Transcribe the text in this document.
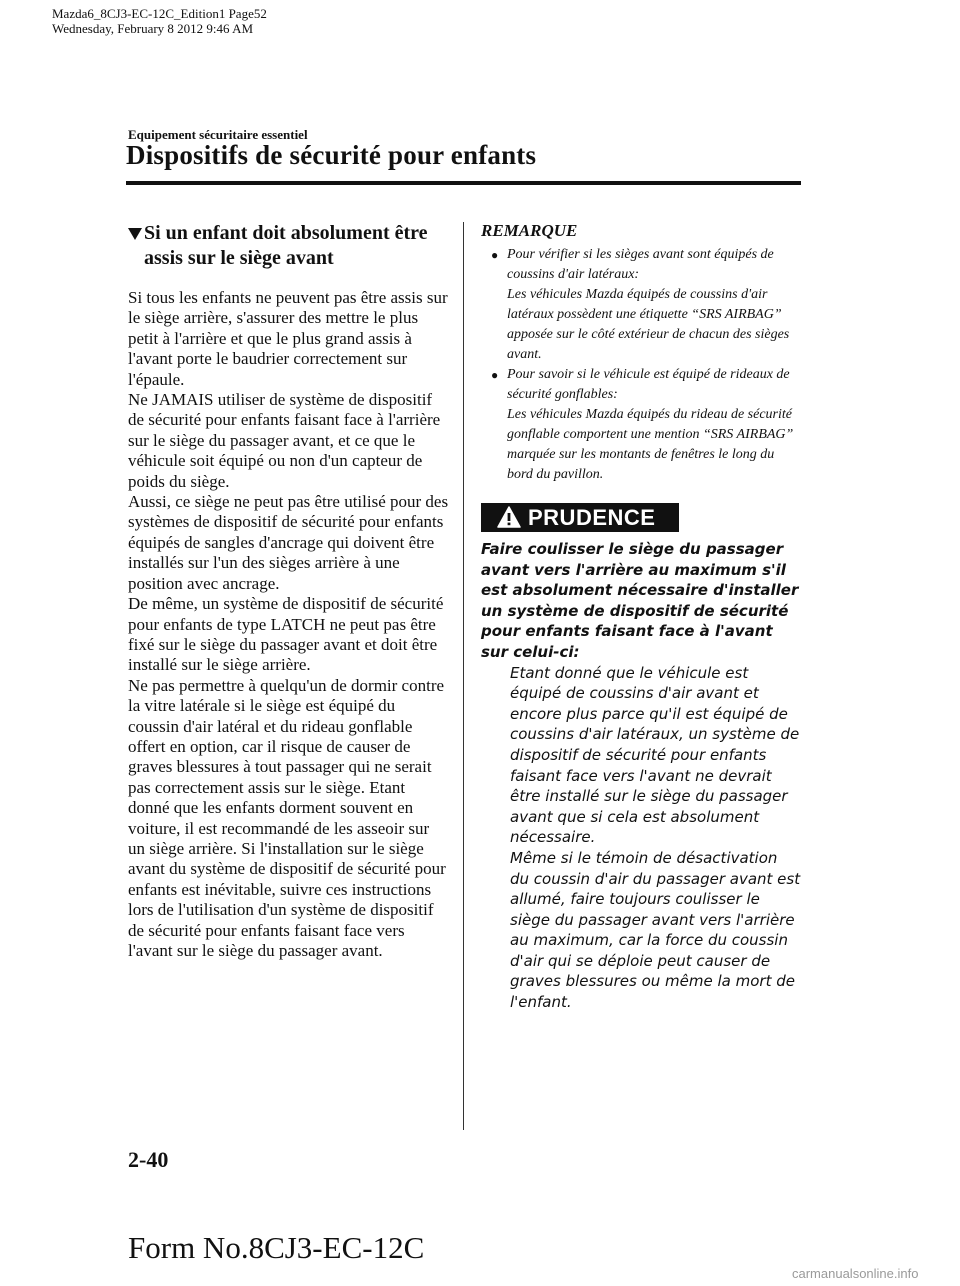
Mazda6_8CJ3-EC-12C_Edition1 Page52
Wednesday, February 8 2012 9:46 AM
Equipement sécuritaire essentiel
Dispositifs de sécurité pour enfants
Si un enfant doit absolument être assis sur le siège avant

Si tous les enfants ne peuvent pas être assis sur le siège arrière, s'assurer des mettre le plus petit à l'arrière et que le plus grand assis à l'avant porte le baudrier correctement sur l'épaule.
Ne JAMAIS utiliser de système de dispositif de sécurité pour enfants faisant face à l'arrière sur le siège du passager avant, et ce que le véhicule soit équipé ou non d'un capteur de poids du siège.
Aussi, ce siège ne peut pas être utilisé pour des systèmes de dispositif de sécurité pour enfants équipés de sangles d'ancrage qui doivent être installés sur l'un des sièges arrière à une position avec ancrage.
De même, un système de dispositif de sécurité pour enfants de type LATCH ne peut pas être fixé sur le siège du passager avant et doit être installé sur le siège arrière.
Ne pas permettre à quelqu'un de dormir contre la vitre latérale si le siège est équipé du coussin d'air latéral et du rideau gonflable offert en option, car il risque de causer de graves blessures à tout passager qui ne serait pas correctement assis sur le siège. Etant donné que les enfants dorment souvent en voiture, il est recommandé de les asseoir sur un siège arrière. Si l'installation sur le siège avant du système de dispositif de sécurité pour enfants est inévitable, suivre ces instructions lors de l'utilisation d'un système de dispositif de sécurité pour enfants faisant face vers l'avant sur le siège du passager avant.

REMARQUE
● Pour vérifier si les sièges avant sont équipés de coussins d'air latéraux:
Les véhicules Mazda équipés de coussins d'air latéraux possèdent une étiquette “SRS AIRBAG” apposée sur le côté extérieur de chacun des sièges avant.
● Pour savoir si le véhicule est équipé de rideaux de sécurité gonflables:
Les véhicules Mazda équipés du rideau de sécurité gonflable comportent une mention “SRS AIRBAG” marquée sur les montants de fenêtres le long du bord du pavillon.
PRUDENCE

Faire coulisser le siège du passager avant vers l'arrière au maximum s'il est absolument nécessaire d'installer un système de dispositif de sécurité pour enfants faisant face à l'avant sur celui-ci:

Etant donné que le véhicule est équipé de coussins d'air avant et encore plus parce qu'il est équipé de coussins d'air latéraux, un système de dispositif de sécurité pour enfants faisant face vers l'avant ne devrait être installé sur le siège du passager avant que si cela est absolument nécessaire.
Même si le témoin de désactivation du coussin d'air du passager avant est allumé, faire toujours coulisser le siège du passager avant vers l'arrière au maximum, car la force du coussin d'air qui se déploie peut causer de graves blessures ou même la mort de l'enfant.

2-40
Form No.8CJ3-EC-12C
carmanualsonline.info
